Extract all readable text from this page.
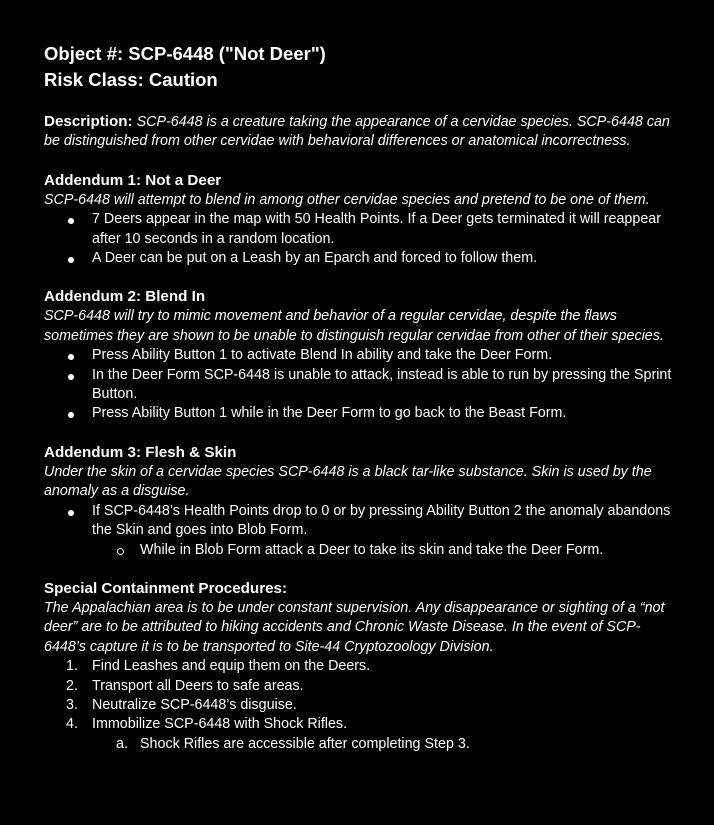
Object #: SCP-6448 ("Not Deer")

Risk Class: Caution

Description: SCP-6448 is a creature taking the appearance of a cervidae species. SCP-6448 can be distinguished from other cervidae with behavioral differences or anatomical incorrectness.

Addendum 1: Not a Deer

SCP-6448 will attempt to blend in among other cervidae species and pretend to be one of them.

7 Deers appear in the map with 50 Health Points. If a Deer gets terminated it will reappear after 10 seconds in a random location.
A Deer can be put on a Leash by an Eparch and forced to follow them.

Addendum 2: Blend In

SCP-6448 will try to mimic movement and behavior of a regular cervidae, despite the flaws sometimes they are shown to be unable to distinguish regular cervidae from other of their species.

Press Ability Button 1 to activate Blend In ability and take the Deer Form.
In the Deer Form SCP-6448 is unable to attack, instead is able to run by pressing the Sprint Button.
Press Ability Button 1 while in the Deer Form to go back to the Beast Form.

Addendum 3: Flesh & Skin

Under the skin of a cervidae species SCP-6448 is a black tar-like substance. Skin is used by the anomaly as a disguise.

If SCP-6448’s Health Points drop to 0 or by pressing Ability Button 2 the anomaly abandons the Skin and goes into Blob Form.
While in Blob Form attack a Deer to take its skin and take the Deer Form.

Special Containment Procedures:

The Appalachian area is to be under constant supervision. Any disappearance or sighting of a “not deer” are to be attributed to hiking accidents and Chronic Waste Disease. In the event of SCP-6448’s capture it is to be transported to Site-44 Cryptozoology Division.

1. Find Leashes and equip them on the Deers.
2. Transport all Deers to safe areas.
3. Neutralize SCP-6448’s disguise.
4. Immobilize SCP-6448 with Shock Rifles.
a. Shock Rifles are accessible after completing Step 3.
